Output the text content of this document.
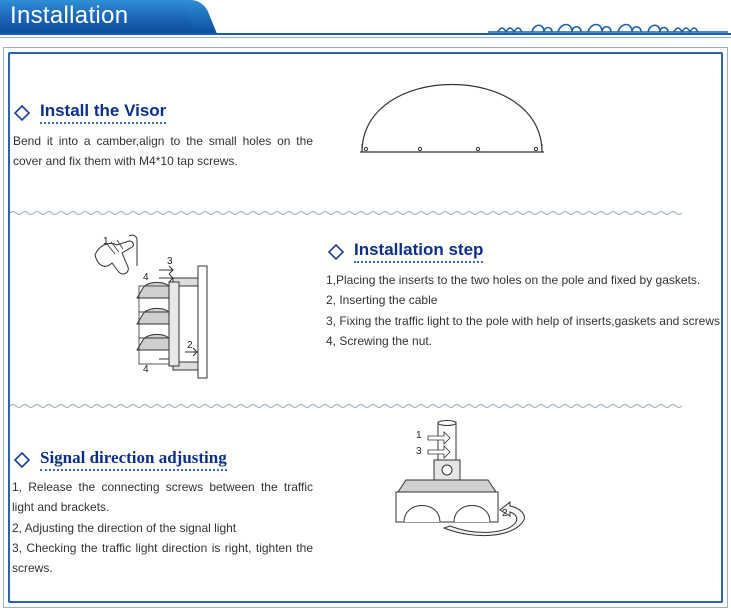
Installation
Install the Visor

Bend it into a camber,align to the small holes on the cover and fix them with M4*10 tap screws.

1
3
4
2
4
Installation step

1,Placing the inserts to the two holes on the pole and fixed by gaskets.

2, Inserting the cable

3, Fixing the traffic light to the pole with help of inserts,gaskets and screws

4, Screwing the nut.

Signal direction adjusting

1, Release the connecting screws between the traffic light and brackets.

2, Adjusting the direction of the signal light

3, Checking the traffic light direction is right, tighten the screws.

1
3
2
